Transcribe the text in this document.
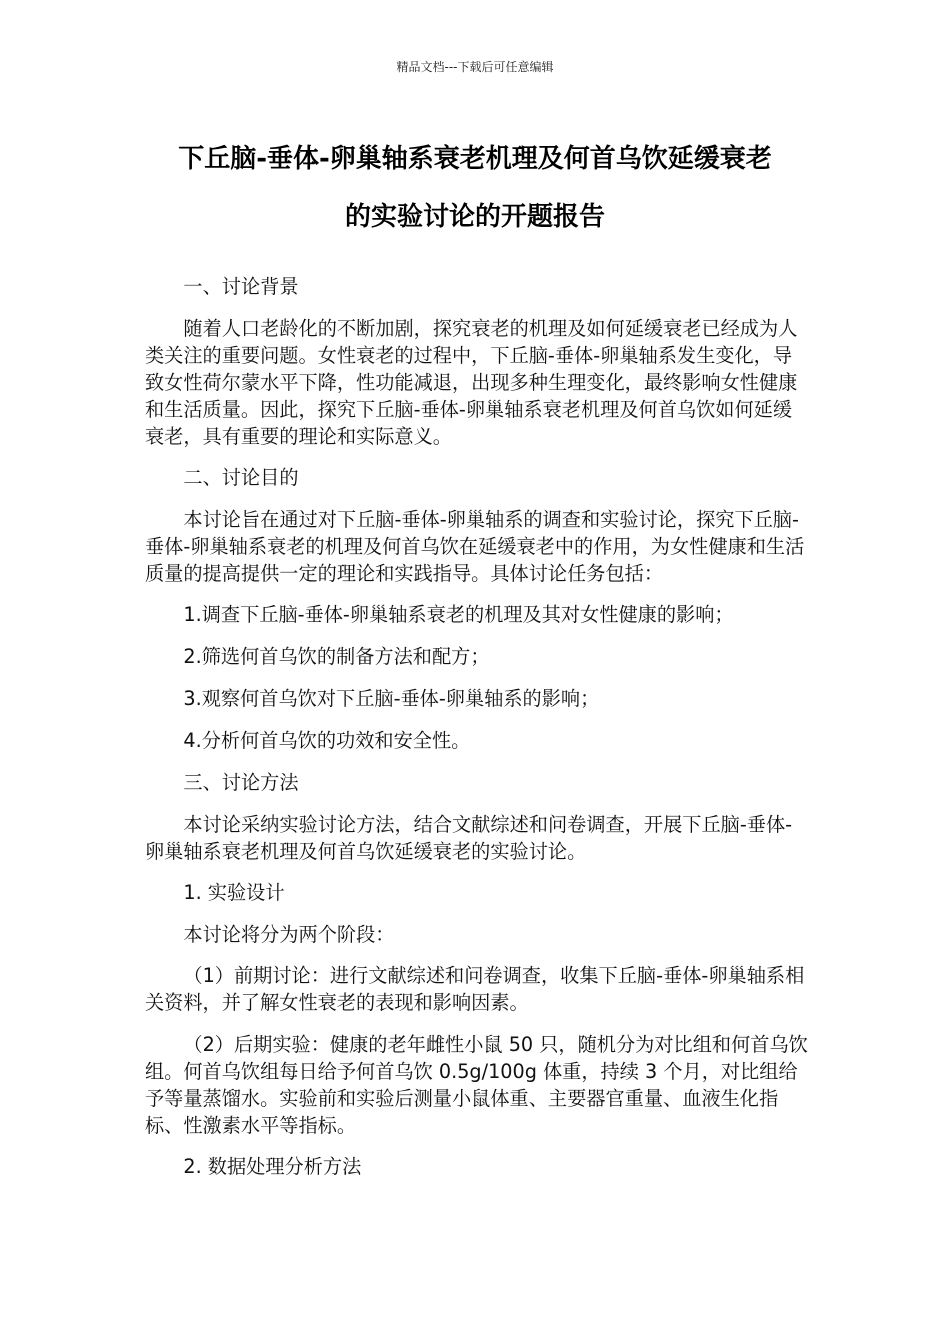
精品文档---下载后可任意编辑
下丘脑-垂体-卵巢轴系衰老机理及何首乌饮延缓衰老
的实验讨论的开题报告

一、讨论背景

随着人口老龄化的不断加剧，探究衰老的机理及如何延缓衰老已经成为人类关注的重要问题。女性衰老的过程中，下丘脑-垂体-卵巢轴系发生变化，导致女性荷尔蒙水平下降，性功能减退，出现多种生理变化，最终影响女性健康和生活质量。因此，探究下丘脑-垂体-卵巢轴系衰老机理及何首乌饮如何延缓衰老，具有重要的理论和实际意义。

二、讨论目的

本讨论旨在通过对下丘脑-垂体-卵巢轴系的调查和实验讨论，探究下丘脑-垂体-卵巢轴系衰老的机理及何首乌饮在延缓衰老中的作用，为女性健康和生活质量的提高提供一定的理论和实践指导。具体讨论任务包括：

1.调查下丘脑-垂体-卵巢轴系衰老的机理及其对女性健康的影响；

2.筛选何首乌饮的制备方法和配方；

3.观察何首乌饮对下丘脑-垂体-卵巢轴系的影响；

4.分析何首乌饮的功效和安全性。

三、讨论方法

本讨论采纳实验讨论方法，结合文献综述和问卷调查，开展下丘脑-垂体-卵巢轴系衰老机理及何首乌饮延缓衰老的实验讨论。

1. 实验设计

本讨论将分为两个阶段：

（1）前期讨论：进行文献综述和问卷调查，收集下丘脑-垂体-卵巢轴系相关资料，并了解女性衰老的表现和影响因素。

（2）后期实验：健康的老年雌性小鼠 50 只，随机分为对比组和何首乌饮组。何首乌饮组每日给予何首乌饮 0.5g/100g 体重，持续 3 个月，对比组给予等量蒸馏水。实验前和实验后测量小鼠体重、主要器官重量、血液生化指标、性激素水平等指标。

2. 数据处理分析方法
